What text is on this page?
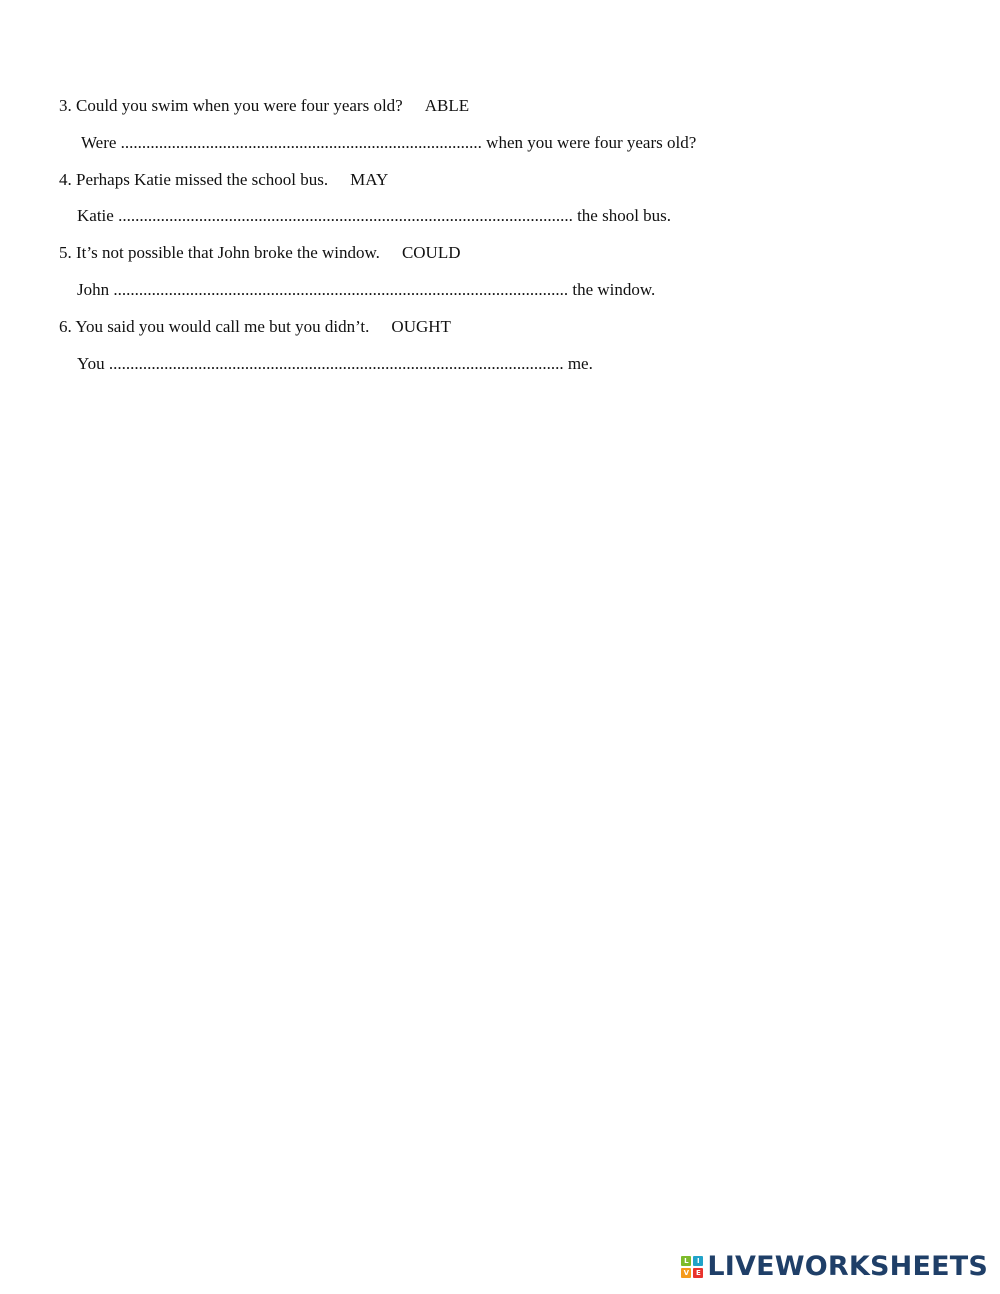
3. Could you swim when you were four years old? ABLE
Were ..................................................................................... when you were four years old?
4. Perhaps Katie missed the school bus. MAY
Katie ........................................................................................................... the shool bus.
5. It’s not possible that John broke the window. COULD
John ........................................................................................................... the window.
6. You said you would call me but you didn’t. OUGHT
You ........................................................................................................... me.
L	I
V E LIVEWORKSHEETS
